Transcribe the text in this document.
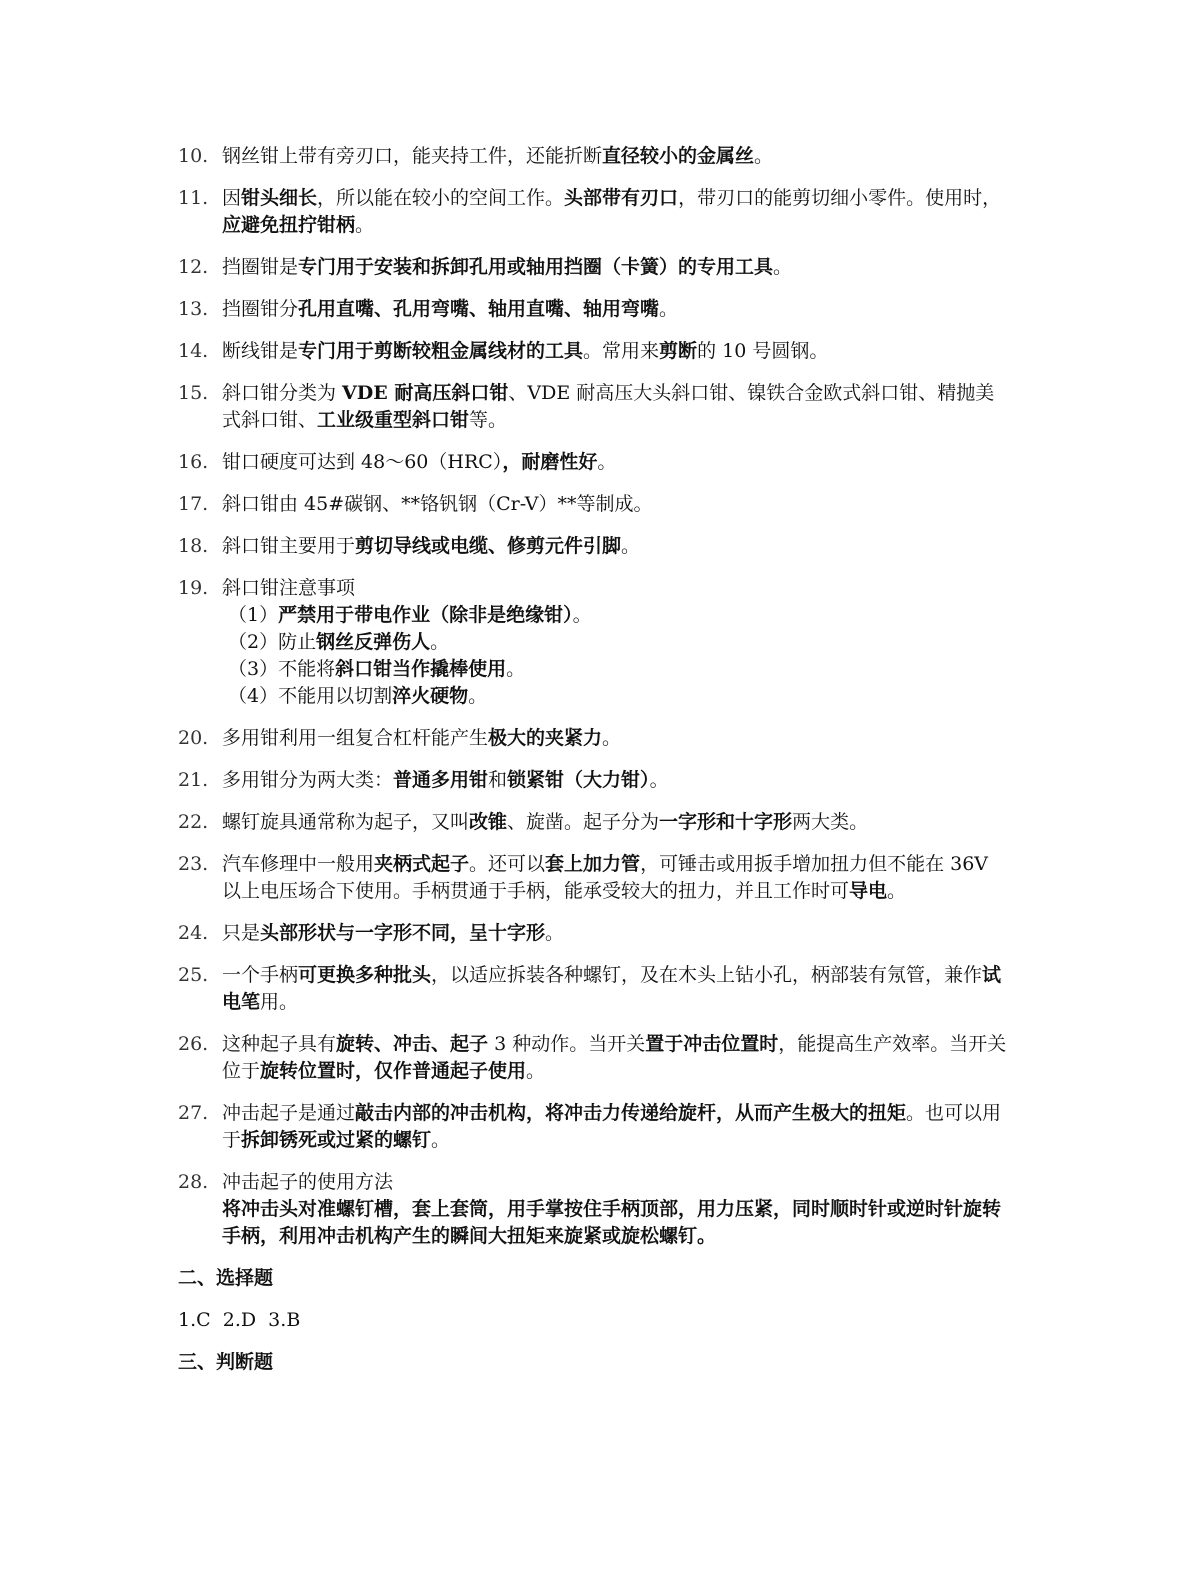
10. 钢丝钳上带有旁刃口，能夹持工件，还能折断直径较小的金属丝。
11. 因钳头细长，所以能在较小的空间工作。头部带有刃口，带刃口的能剪切细小零件。使用时，应避免扭拧钳柄。
12. 挡圈钳是专门用于安装和拆卸孔用或轴用挡圈（卡簧）的专用工具。
13. 挡圈钳分孔用直嘴、孔用弯嘴、轴用直嘴、轴用弯嘴。
14. 断线钳是专门用于剪断较粗金属线材的工具。常用来剪断的 10 号圆钢。
15. 斜口钳分类为 VDE 耐高压斜口钳、VDE 耐高压大头斜口钳、镍铁合金欧式斜口钳、精抛美式斜口钳、工业级重型斜口钳等。
16. 钳口硬度可达到 48～60（HRC），耐磨性好。
17. 斜口钳由 45#碳钢、**铬钒钢（Cr-V）**等制成。
18. 斜口钳主要用于剪切导线或电缆、修剪元件引脚。
19. 斜口钳注意事项
（1）严禁用于带电作业（除非是绝缘钳）。
（2）防止钢丝反弹伤人。
（3）不能将斜口钳当作撬棒使用。
（4）不能用以切割淬火硬物。
20. 多用钳利用一组复合杠杆能产生极大的夹紧力。
21. 多用钳分为两大类：普通多用钳和锁紧钳（大力钳）。
22. 螺钉旋具通常称为起子，又叫改锥、旋凿。起子分为一字形和十字形两大类。
23. 汽车修理中一般用夹柄式起子。还可以套上加力管，可锤击或用扳手增加扭力但不能在 36V 以上电压场合下使用。手柄贯通于手柄，能承受较大的扭力，并且工作时可导电。
24. 只是头部形状与一字形不同，呈十字形。
25. 一个手柄可更换多种批头，以适应拆装各种螺钉，及在木头上钻小孔，柄部装有氖管，兼作试电笔用。
26. 这种起子具有旋转、冲击、起子 3 种动作。当开关置于冲击位置时，能提高生产效率。当开关位于旋转位置时，仅作普通起子使用。
27. 冲击起子是通过敲击内部的冲击机构，将冲击力传递给旋杆，从而产生极大的扭矩。也可以用于拆卸锈死或过紧的螺钉。
28. 冲击起子的使用方法
将冲击头对准螺钉槽，套上套筒，用手掌按住手柄顶部，用力压紧，同时顺时针或逆时针旋转手柄，利用冲击机构产生的瞬间大扭矩来旋紧或旋松螺钉。
二、选择题
1.C  2.D  3.B
三、判断题
